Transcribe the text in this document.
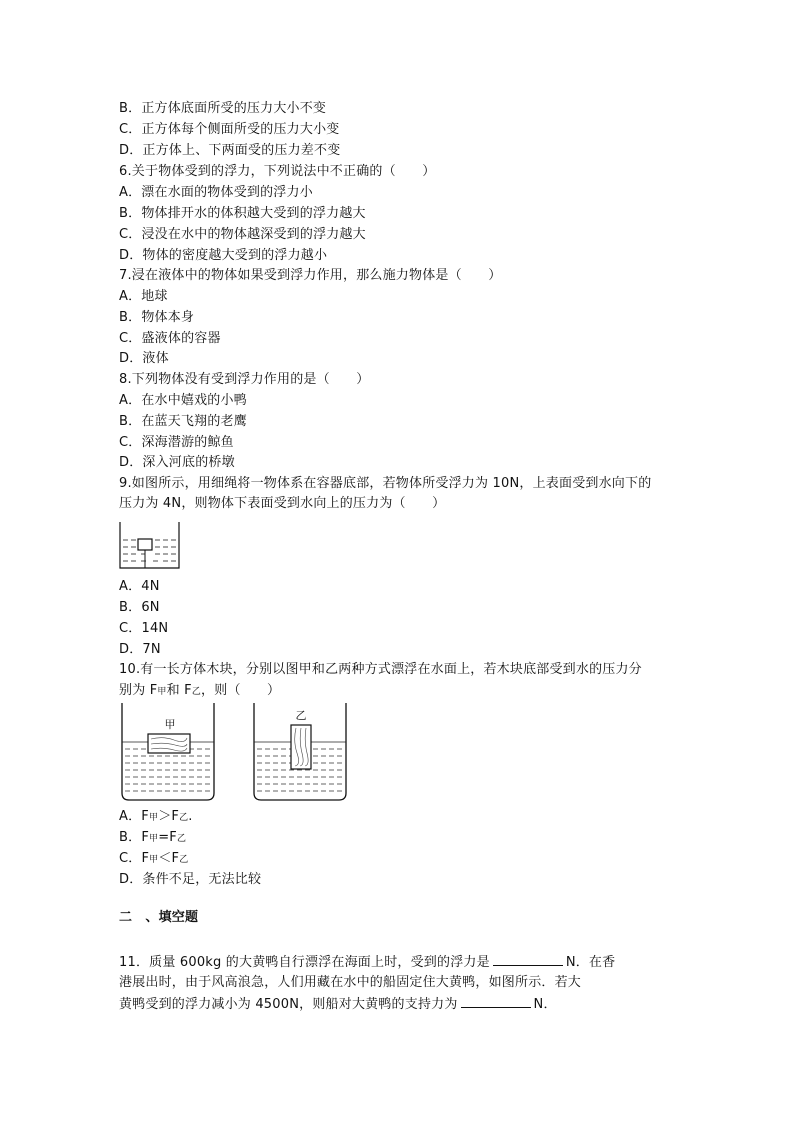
B．正方体底面所受的压力大小不变
C．正方体每个侧面所受的压力大小变
D．正方体上、下两面受的压力差不变
6.关于物体受到的浮力，下列说法中不正确的（　　）
A．漂在水面的物体受到的浮力小
B．物体排开水的体积越大受到的浮力越大
C．浸没在水中的物体越深受到的浮力越大
D．物体的密度越大受到的浮力越小
7.浸在液体中的物体如果受到浮力作用，那么施力物体是（　　）
A．地球
B．物体本身
C．盛液体的容器
D．液体
8.下列物体没有受到浮力作用的是（　　）
A．在水中嬉戏的小鸭
B．在蓝天飞翔的老鹰
C．深海潜游的鲸鱼
D．深入河底的桥墩
9.如图所示，用细绳将一物体系在容器底部，若物体所受浮力为 10N，上表面受到水向下的
压力为 4N，则物体下表面受到水向上的压力为（　　）
A．4N
B．6N
C．14N
D．7N
10.有一长方体木块，分别以图甲和乙两种方式漂浮在水面上，若木块底部受到水的压力分
别为 F甲和 F乙，则（　　）
甲
乙
A．F甲＞F乙.
B．F甲=F乙
C．F甲＜F乙
D．条件不足，无法比较
二　、填空题
11．质量 600kg 的大黄鸭自行漂浮在海面上时，受到的浮力是	N．在香
港展出时，由于风高浪急，人们用藏在水中的船固定住大黄鸭，如图所示．若大
黄鸭受到的浮力减小为 4500N，则船对大黄鸭的支持力为	N．
